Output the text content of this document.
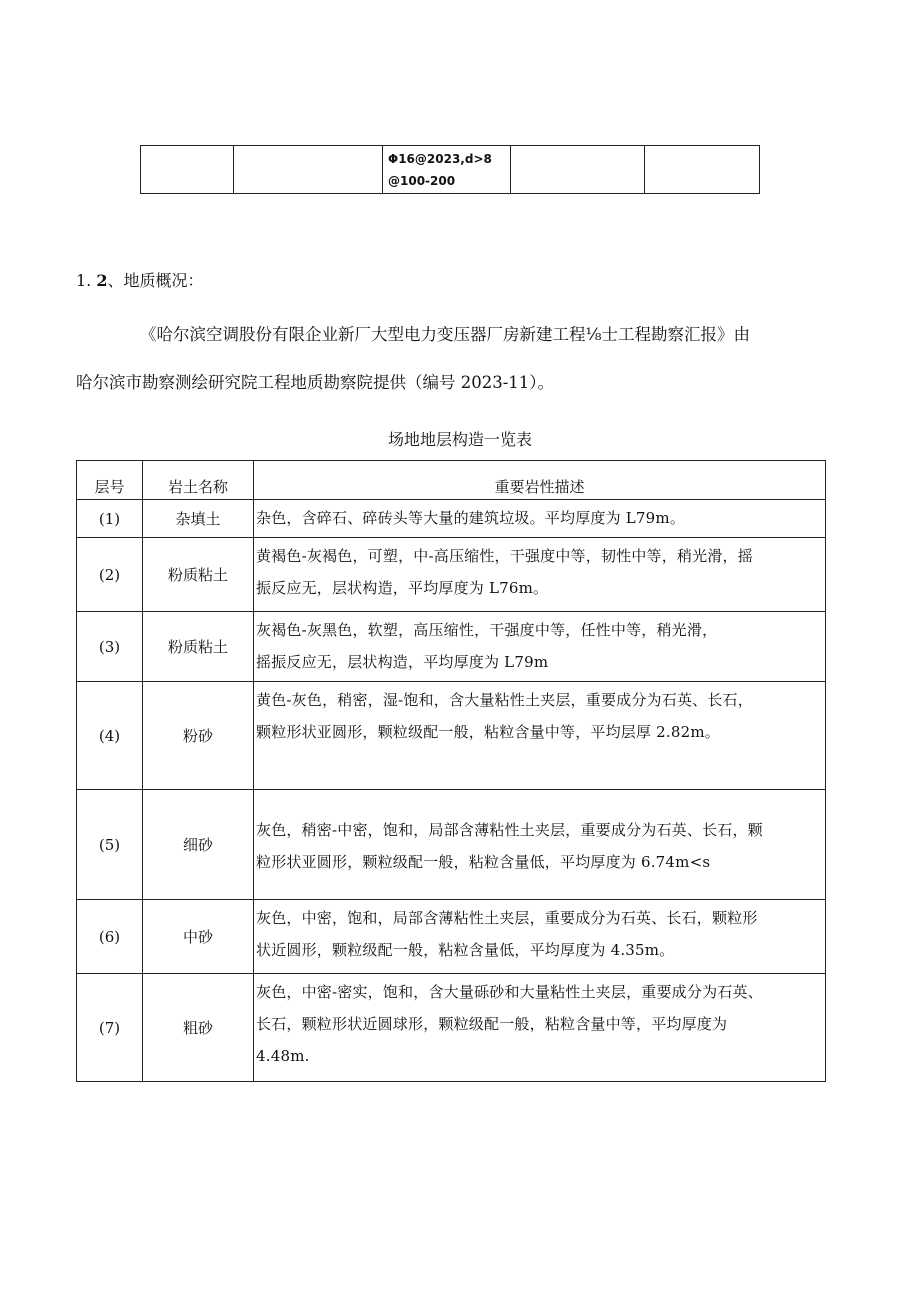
		Φ16@2023,d>8
@100-200		
1. 2、地质概况：
《哈尔滨空调股份有限企业新厂大型电力变压器厂房新建工程⅛士工程勘察汇报》由
哈尔滨市勘察测绘研究院工程地质勘察院提供（编号 2023-11）。
场地地层构造一览表
层号	岩土名称	重要岩性描述
(1)	杂填土	杂色，含碎石、碎砖头等大量的建筑垃圾。平均厚度为 L79m。
(2)	粉质粘土	黄褐色-灰褐色，可塑，中-高压缩性，干强度中等，韧性中等，稍光滑，摇
振反应无，层状构造，平均厚度为 L76m。
(3)	粉质粘土	灰褐色-灰黑色，软塑，高压缩性，干强度中等，任性中等，稍光滑，
摇振反应无，层状构造，平均厚度为 L79m
(4)	粉砂	黄色-灰色，稍密，湿-饱和，含大量粘性土夹层，重要成分为石英、长石，
颗粒形状亚圆形，颗粒级配一般，粘粒含量中等，平均层厚 2.82m。
(5)	细砂	灰色，稍密-中密，饱和，局部含薄粘性土夹层，重要成分为石英、长石，颗
粒形状亚圆形，颗粒级配一般，粘粒含量低，平均厚度为 6.74m<s
(6)	中砂	灰色，中密，饱和，局部含薄粘性土夹层，重要成分为石英、长石，颗粒形
状近圆形，颗粒级配一般，粘粒含量低，平均厚度为 4.35m。
(7)	粗砂	灰色，中密-密实，饱和，含大量砾砂和大量粘性土夹层，重要成分为石英、
长石，颗粒形状近圆球形，颗粒级配一般，粘粒含量中等，平均厚度为
4.48m.
